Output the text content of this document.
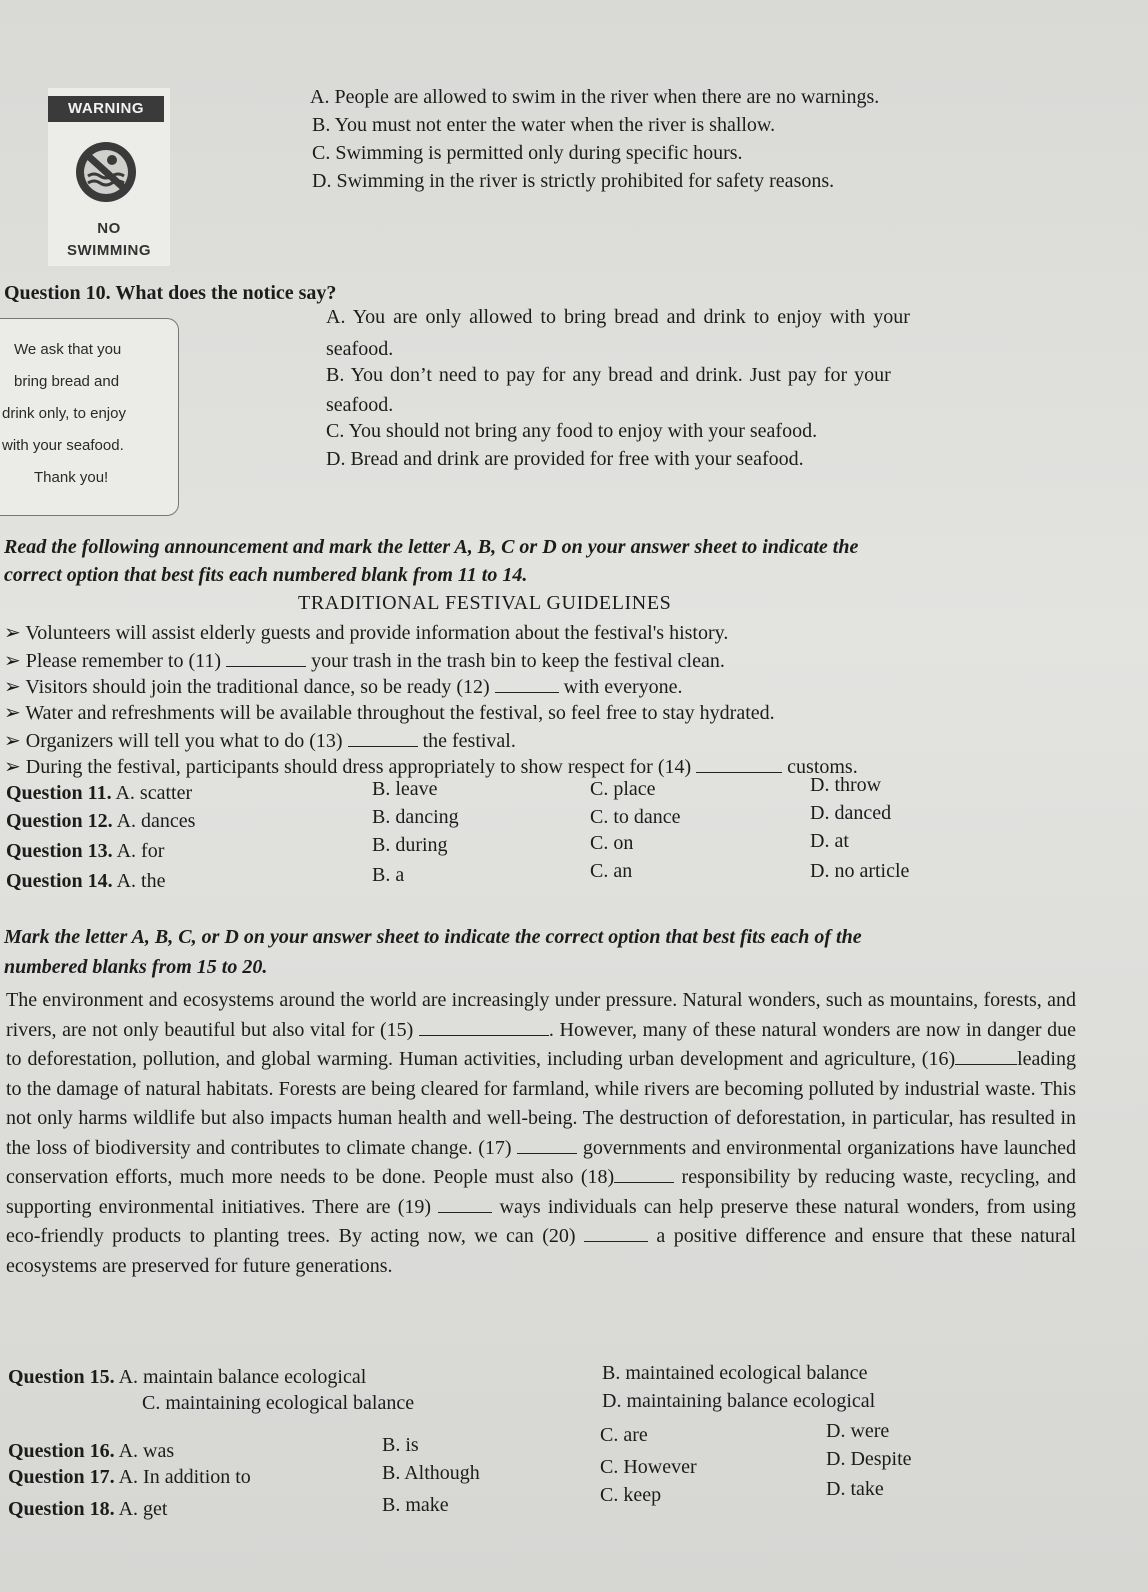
WARNING
NO
SWIMMING
A. People are allowed to swim in the river when there are no warnings.
B. You must not enter the water when the river is shallow.
C. Swimming is permitted only during specific hours.
D. Swimming in the river is strictly prohibited for safety reasons.
Question 10. What does the notice say?
We ask that you
bring bread and
drink only, to enjoy
with your seafood.
Thank you!
A. You are only allowed to bring bread and drink to enjoy with your
seafood.
B. You don’t need to pay for any bread and drink. Just pay for your
seafood.
C. You should not bring any food to enjoy with your seafood.
D. Bread and drink are provided for free with your seafood.
Read the following announcement and mark the letter A, B, C or D on your answer sheet to indicate the
correct option that best fits each numbered blank from 11 to 14.
TRADITIONAL FESTIVAL GUIDELINES
➢ Volunteers will assist elderly guests and provide information about the festival's history.
➢ Please remember to (11)	your trash in the trash bin to keep the festival clean.
➢ Visitors should join the traditional dance, so be ready (12)	with everyone.
➢ Water and refreshments will be available throughout the festival, so feel free to stay hydrated.
➢ Organizers will tell you what to do (13)	the festival.
➢ During the festival, participants should dress appropriately to show respect for (14)	customs.
Question 11. A. scatter	B. leave	C. place	D. throw
Question 12. A. dances	B. dancing	C. to dance	D. danced
Question 13. A. for	B. during	C. on	D. at
Question 14. A. the	B. a	C. an	D. no article
Mark the letter A, B, C, or D on your answer sheet to indicate the correct option that best fits each of the
numbered blanks from 15 to 20.
The environment and ecosystems around the world are increasingly under pressure. Natural wonders, such as mountains, forests, and rivers, are not only beautiful but also vital for (15)	. However, many of these natural wonders are now in danger due to deforestation, pollution, and global warming. Human activities, including urban development and agriculture, (16)	leading to the damage of natural habitats. Forests are being cleared for farmland, while rivers are becoming polluted by industrial waste. This not only harms wildlife but also impacts human health and well-being. The destruction of deforestation, in particular, has resulted in the loss of biodiversity and contributes to climate change. (17)	governments and environmental organizations have launched conservation efforts, much more needs to be done. People must also (18)	responsibility by reducing waste, recycling, and supporting environmental initiatives. There are (19)	ways individuals can help preserve these natural wonders, from using eco-friendly products to planting trees. By acting now, we can (20)	a positive difference and ensure that these natural ecosystems are preserved for future generations.
Question 15. A. maintain balance ecological	B. maintained ecological balance
C. maintaining ecological balance	D. maintaining balance ecological
Question 16. A. was	B. is	C. are	D. were
Question 17. A. In addition to	B. Although	C. However	D. Despite
Question 18. A. get	B. make	C. keep	D. take
